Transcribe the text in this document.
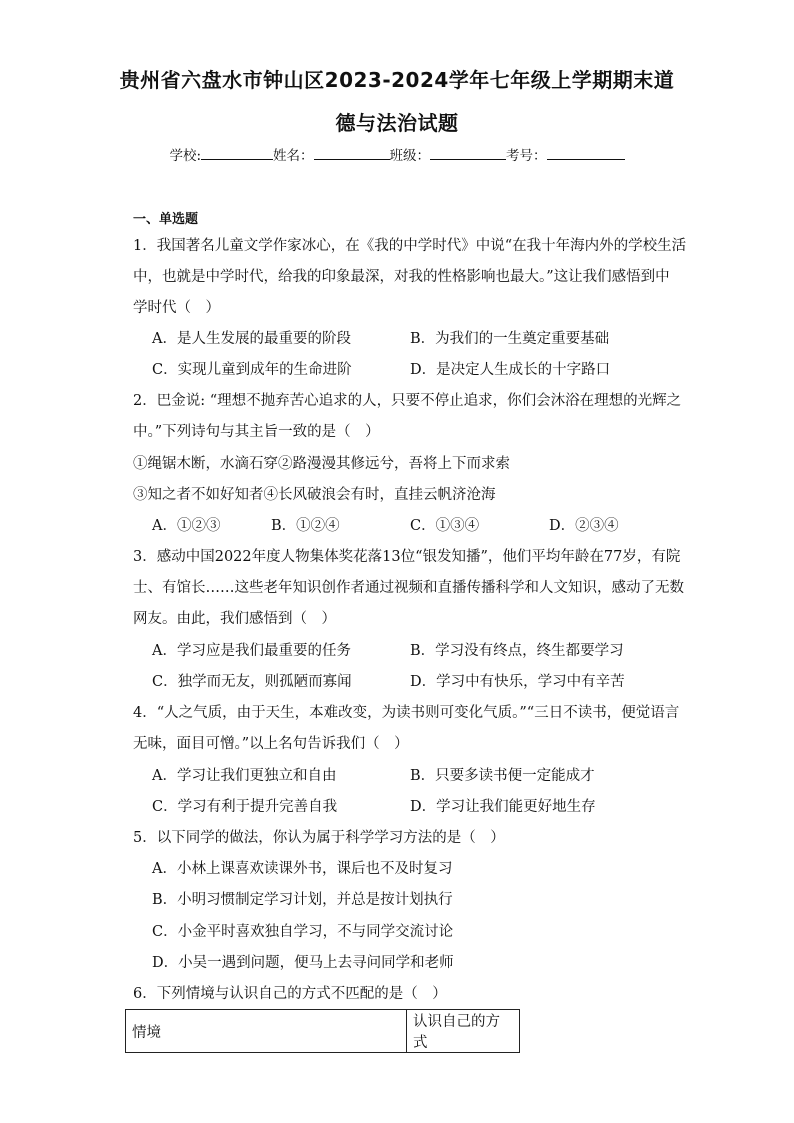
贵州省六盘水市钟山区2023-2024学年七年级上学期期末道
德与法治试题
学校:	姓名：	班级：	考号：
一、单选题
1．我国著名儿童文学作家冰心，在《我的中学时代》中说“在我十年海内外的学校生活
中，也就是中学时代，给我的印象最深，对我的性格影响也最大。”这让我们感悟到中
学时代（　）
A．是人生发展的最重要的阶段	B．为我们的一生奠定重要基础
C．实现儿童到成年的生命进阶	D．是决定人生成长的十字路口
2．巴金说: “理想不抛弃苦心追求的人，只要不停止追求，你们会沐浴在理想的光辉之
中。”下列诗句与其主旨一致的是（　）
①绳锯木断，水滴石穿②路漫漫其修远兮，吾将上下而求索
③知之者不如好知者④长风破浪会有时，直挂云帆济沧海
A．①②③	B．①②④	C．①③④	D．②③④
3．感动中国2022年度人物集体奖花落13位“银发知播”，他们平均年龄在77岁，有院
士、有馆长……这些老年知识创作者通过视频和直播传播科学和人文知识，感动了无数
网友。由此，我们感悟到（　）
A．学习应是我们最重要的任务	B．学习没有终点，终生都要学习
C．独学而无友，则孤陋而寡闻	D．学习中有快乐，学习中有辛苦
4．“人之气质，由于天生，本难改变，为读书则可变化气质。”“三日不读书，便觉语言
无味，面目可憎。”以上名句告诉我们（　）
A．学习让我们更独立和自由	B．只要多读书便一定能成才
C．学习有利于提升完善自我	D．学习让我们能更好地生存
5．以下同学的做法，你认为属于科学学习方法的是（　）
A．小林上课喜欢读课外书，课后也不及时复习
B．小明习惯制定学习计划，并总是按计划执行
C．小金平时喜欢独自学习，不与同学交流讨论
D．小吴一遇到问题，便马上去寻问同学和老师
6．下列情境与认识自己的方式不匹配的是（　）
情境	认识自己的方式
